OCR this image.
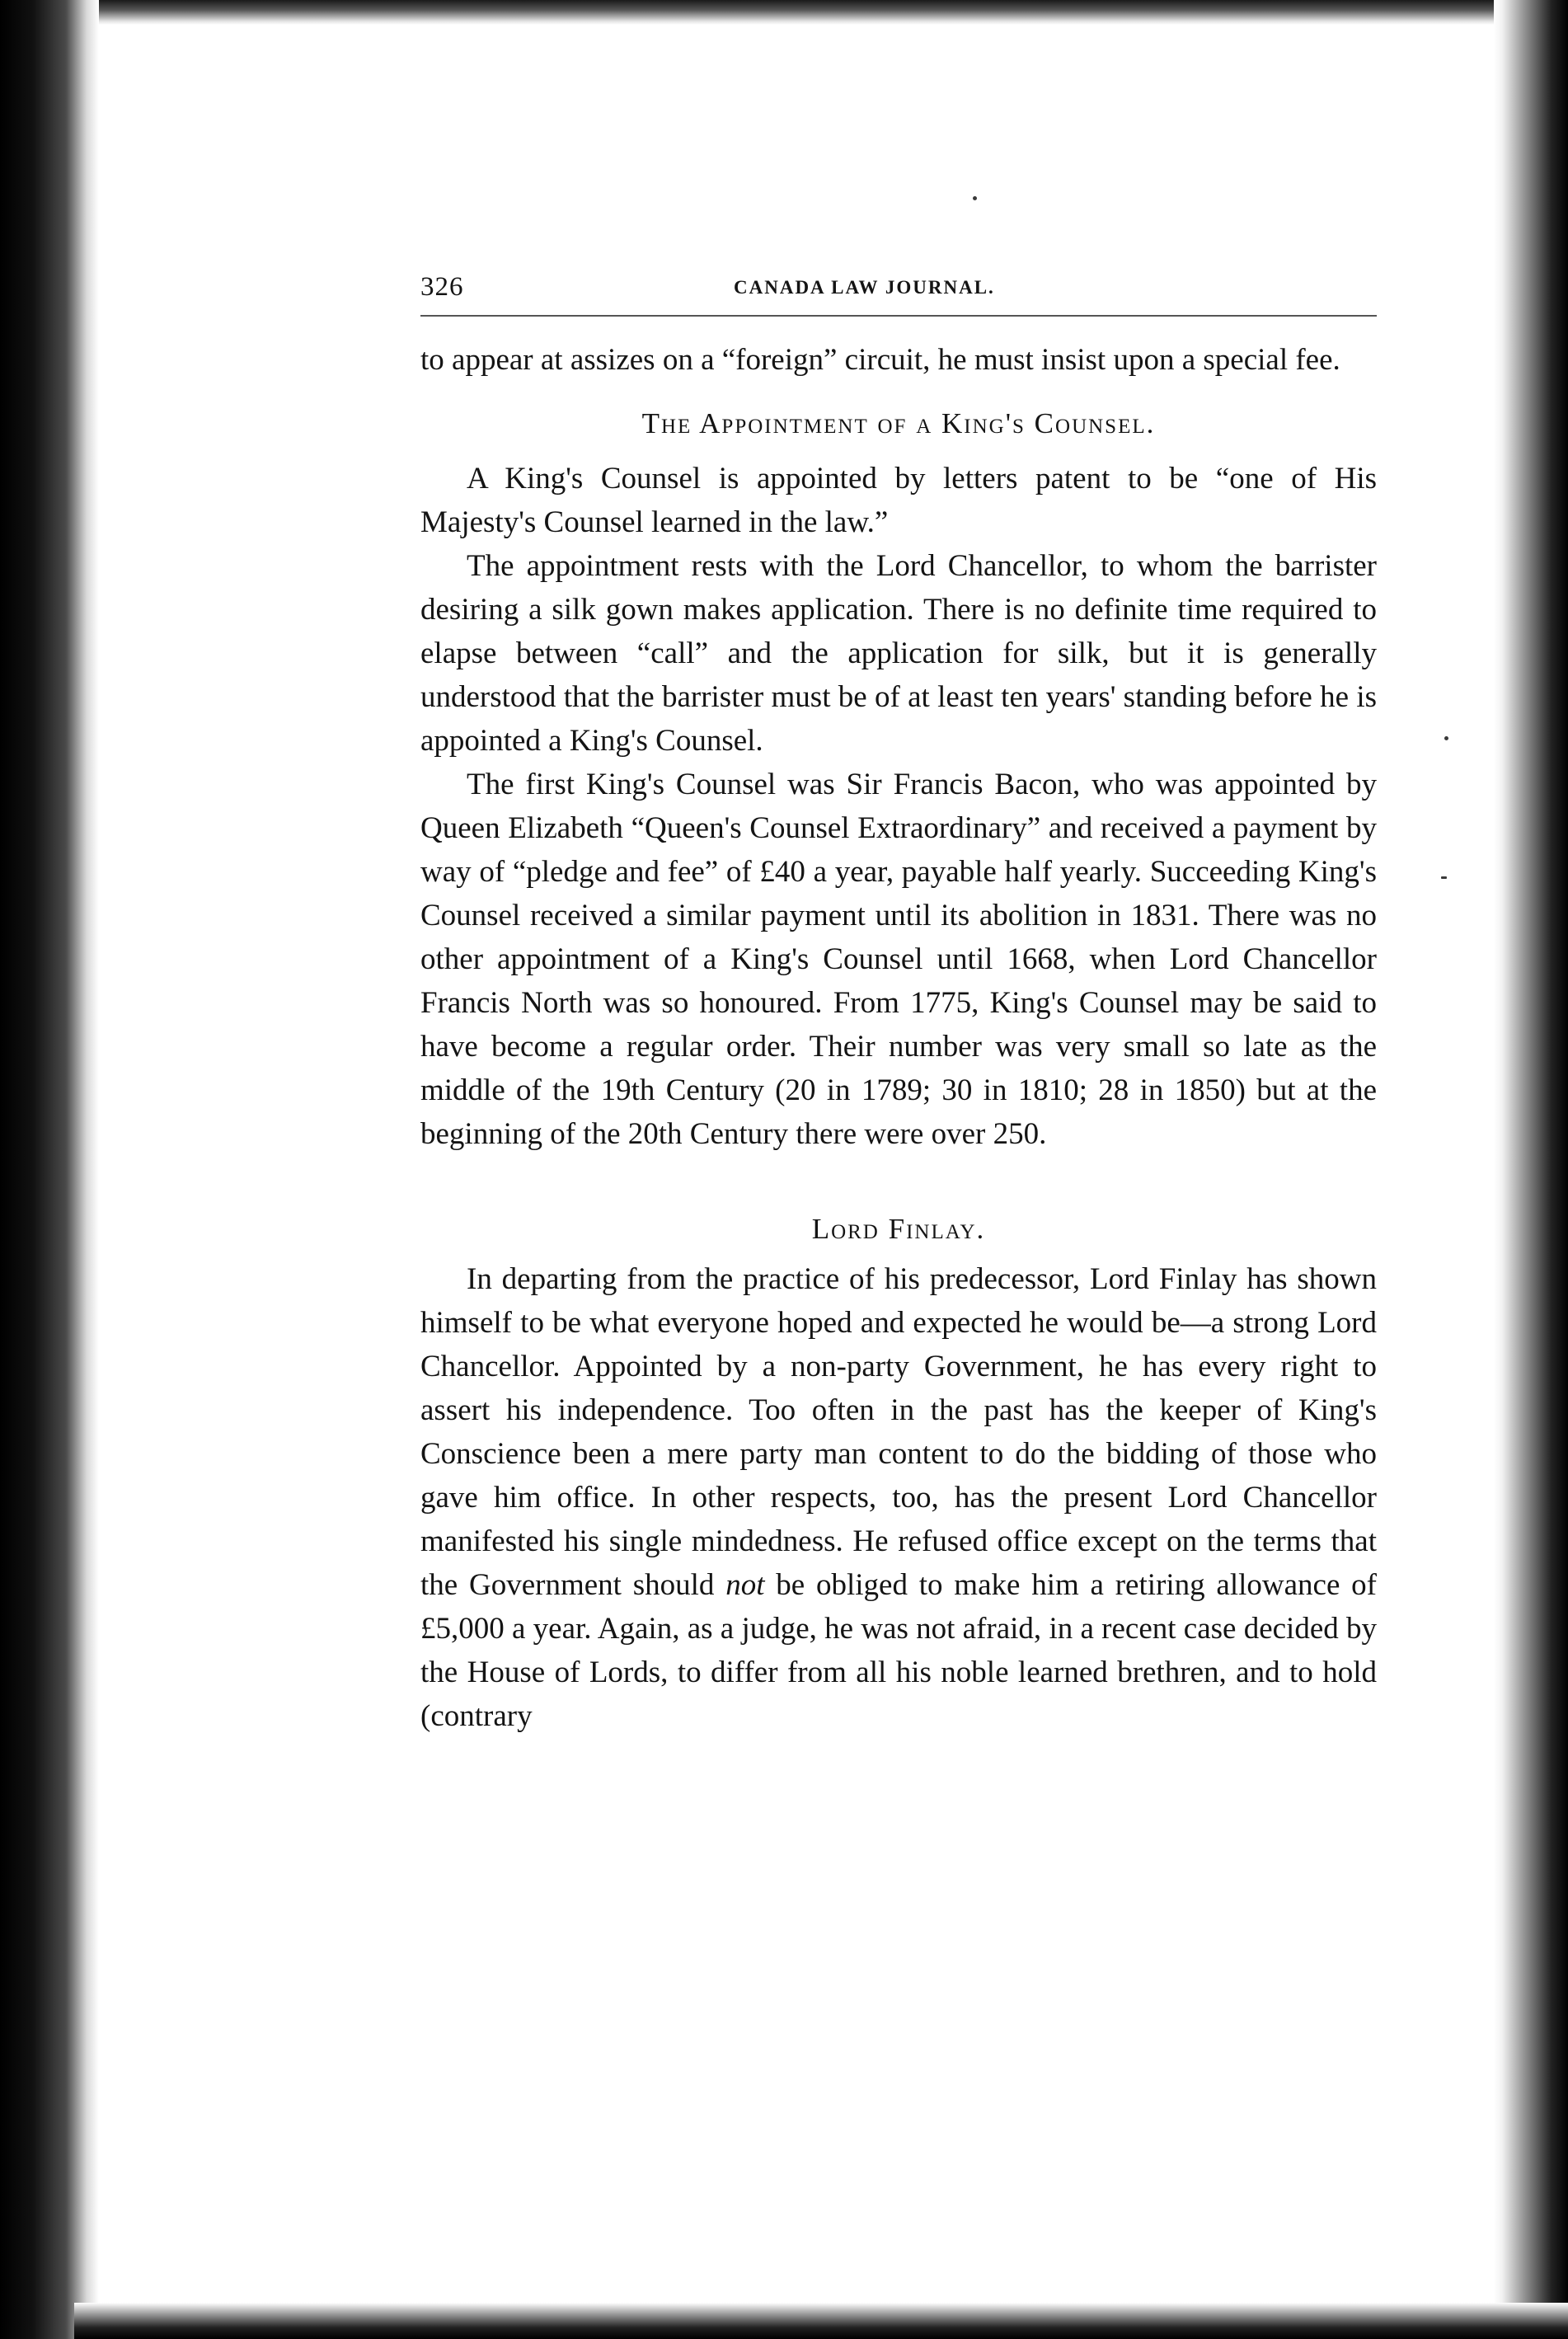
326	CANADA LAW JOURNAL.

to appear at assizes on a “foreign” circuit, he must insist upon a special fee.

The Appointment of a King's Counsel.

A King's Counsel is appointed by letters patent to be “one of His Majesty's Counsel learned in the law.”

The appointment rests with the Lord Chancellor, to whom the barrister desiring a silk gown makes application. There is no definite time required to elapse between “call” and the application for silk, but it is generally understood that the barrister must be of at least ten years' standing before he is appointed a King's Counsel.

The first King's Counsel was Sir Francis Bacon, who was appointed by Queen Elizabeth “Queen's Counsel Extraordinary” and received a payment by way of “pledge and fee” of £40 a year, payable half yearly. Succeeding King's Counsel received a similar payment until its abolition in 1831. There was no other appointment of a King's Counsel until 1668, when Lord Chancellor Francis North was so honoured. From 1775, King's Counsel may be said to have become a regular order. Their number was very small so late as the middle of the 19th Century (20 in 1789; 30 in 1810; 28 in 1850) but at the beginning of the 20th Century there were over 250.

Lord Finlay.

In departing from the practice of his predecessor, Lord Finlay has shown himself to be what everyone hoped and expected he would be—a strong Lord Chancellor. Appointed by a non-party Government, he has every right to assert his independence. Too often in the past has the keeper of King's Conscience been a mere party man content to do the bidding of those who gave him office. In other respects, too, has the present Lord Chancellor manifested his single mindedness. He refused office except on the terms that the Government should not be obliged to make him a retiring allowance of £5,000 a year. Again, as a judge, he was not afraid, in a recent case decided by the House of Lords, to differ from all his noble learned brethren, and to hold (contrary
